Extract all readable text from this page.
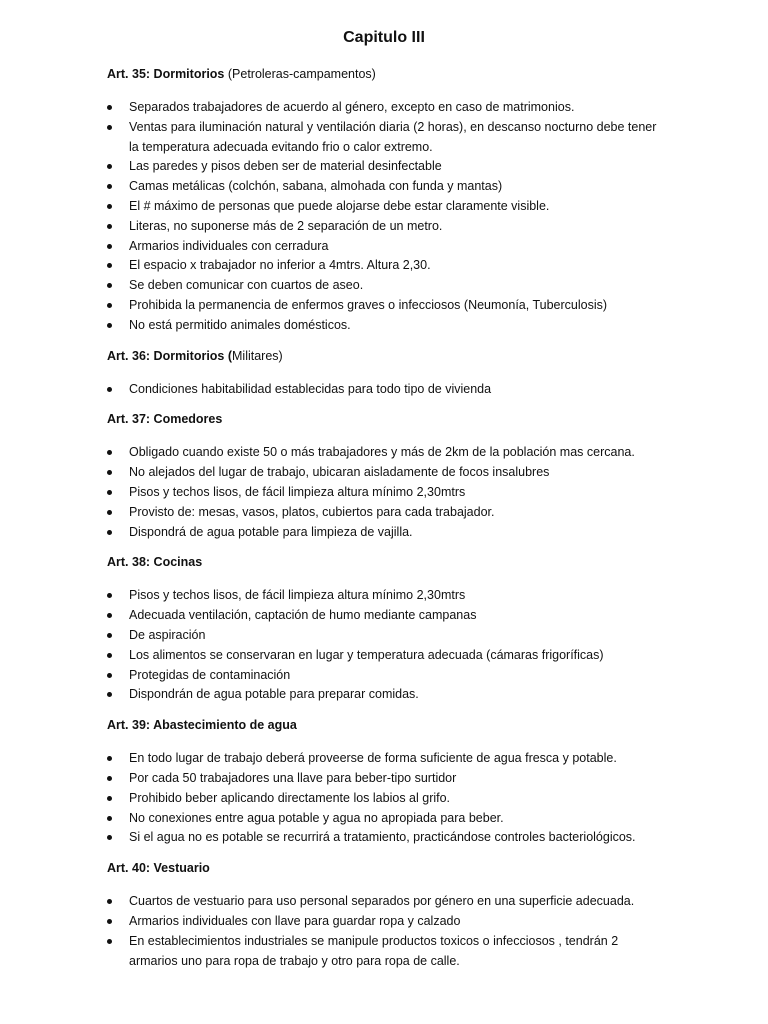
Capitulo III
Art. 35: Dormitorios (Petroleras-campamentos)
Separados trabajadores de acuerdo al género, excepto en caso de matrimonios.
Ventas para iluminación natural y ventilación diaria (2 horas), en descanso nocturno debe tener la temperatura adecuada evitando frio o calor extremo.
Las paredes y pisos deben ser de material desinfectable
Camas metálicas (colchón, sabana, almohada con funda y mantas)
El # máximo de personas que puede alojarse debe estar claramente visible.
Literas, no suponerse más de 2 separación de un metro.
Armarios individuales con cerradura
El espacio x trabajador no inferior a 4mtrs. Altura 2,30.
Se deben comunicar con cuartos de aseo.
Prohibida la permanencia de enfermos graves o infecciosos (Neumonía, Tuberculosis)
No está permitido animales domésticos.
Art. 36: Dormitorios (Militares)
Condiciones habitabilidad establecidas para todo tipo de vivienda
Art. 37: Comedores
Obligado cuando existe 50 o más trabajadores y más de 2km de la población mas cercana.
No alejados del lugar de trabajo, ubicaran aisladamente de focos insalubres
Pisos y techos lisos, de fácil limpieza altura mínimo 2,30mtrs
Provisto de: mesas, vasos, platos, cubiertos para cada trabajador.
Dispondrá de agua potable para limpieza de vajilla.
Art. 38: Cocinas
Pisos y techos lisos, de fácil limpieza altura mínimo 2,30mtrs
Adecuada ventilación, captación de humo mediante campanas
De aspiración
Los alimentos se conservaran en lugar y temperatura adecuada (cámaras frigoríficas)
Protegidas de contaminación
Dispondrán de agua potable para preparar comidas.
Art. 39: Abastecimiento de agua
En todo lugar de trabajo deberá proveerse de forma suficiente de agua fresca y potable.
Por cada 50 trabajadores una llave para beber-tipo surtidor
Prohibido beber aplicando directamente los labios al grifo.
No conexiones entre agua potable y agua no apropiada para beber.
Si el agua no es potable se recurrirá a tratamiento, practicándose controles bacteriológicos.
Art. 40: Vestuario
Cuartos de vestuario para uso personal separados por género en una superficie adecuada.
Armarios individuales con llave para guardar ropa y calzado
En establecimientos industriales se manipule productos toxicos o infecciosos , tendrán 2 armarios uno para ropa de trabajo y otro para ropa de calle.
